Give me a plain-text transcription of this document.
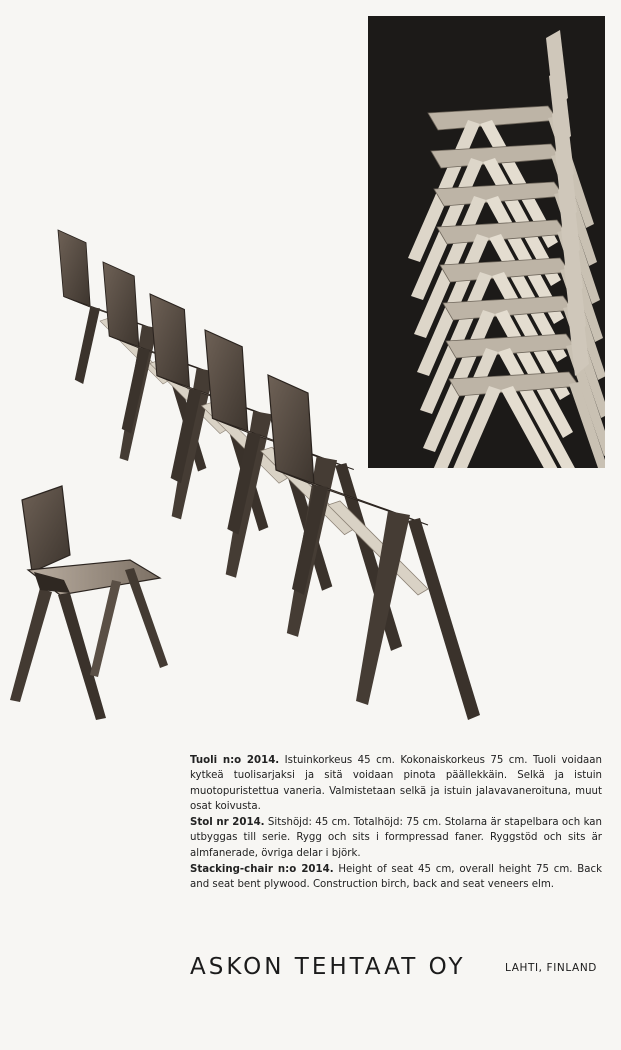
Tuoli n:o 2014. Istuinkorkeus 45 cm. Kokonaiskorkeus 75 cm. Tuoli voidaan kytkeä tuolisarjaksi ja sitä voidaan pinota päällekkäin. Selkä ja istuin muotopuristettua vaneria. Valmistetaan selkä ja istuin jalavavaneroituna, muut osat koivusta.

Stol nr 2014. Sitshöjd: 45 cm. Totalhöjd: 75 cm. Stolarna är stapelbara och kan utbyggas till serie. Rygg och sits i formpressad faner. Ryggstöd och sits är almfanerade, övriga delar i björk.

Stacking-chair n:o 2014. Height of seat 45 cm, overall height 75 cm. Back and seat bent plywood. Construction birch, back and seat veneers elm.

ASKON TEHTAAT OY	LAHTI, FINLAND
